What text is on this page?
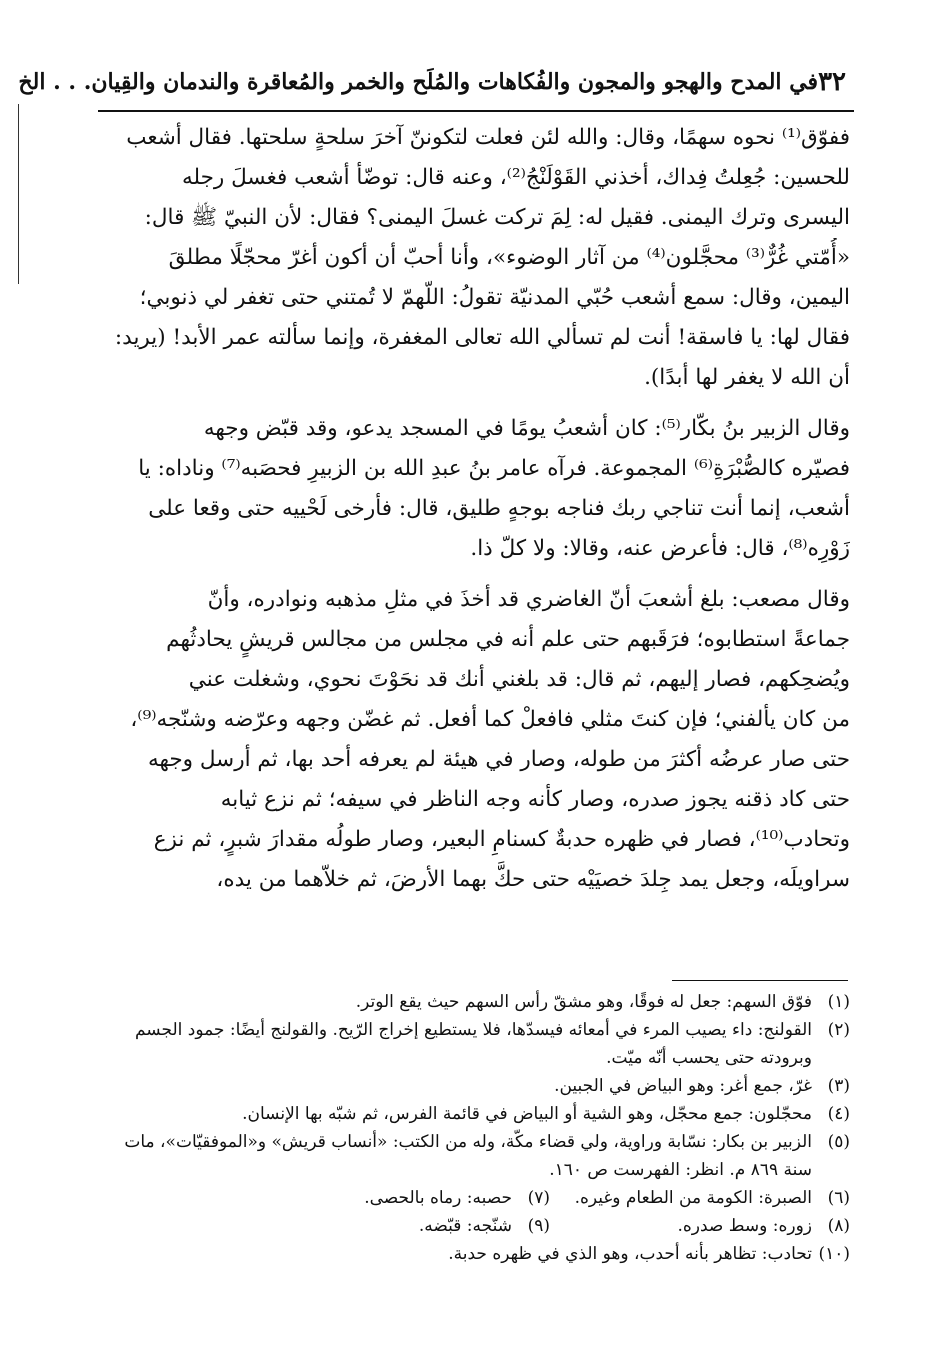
٣٢
في المدح والهجو والمجون والفُكاهات والمُلَح والخمر والمُعاقرة والندمان والقِيان. . . الخ

ففوّق⁽¹⁾ نحوه سهمًا، وقال: والله لئن فعلت لتكوننّ آخرَ سلحةٍ سلحتها. فقال أشعب
للحسين: جُعِلتُ فِداك، أخذني القَوْلَنْجُ⁽²⁾، وعنه قال: توضّأ أشعب فغسلَ رجله
اليسرى وترك اليمنى. فقيل له: لِمَ تركت غسلَ اليمنى؟ فقال: لأن النبيّ ﷺ قال:
«أُمّتي غُرٌّ⁽³⁾ محجَّلون⁽⁴⁾ من آثار الوضوء»، وأنا أحبّ أن أكون أغرّ محجّلًا مطلقَ
اليمين، وقال: سمع أشعب حُبّي المدنيّة تقولُ: اللّهمّ لا تُمتني حتى تغفر لي ذنوبي؛
فقال لها: يا فاسقة! أنت لم تسألي الله تعالى المغفرة، وإنما سألته عمر الأبد! (يريد:
أن الله لا يغفر لها أبدًا).

وقال الزبير بنُ بكّار⁽⁵⁾: كان أشعبُ يومًا في المسجد يدعو، وقد قبّض وجهه
فصيّره كالصُّبْرَةِ⁽⁶⁾ المجموعة. فرآه عامر بنُ عبدِ الله بن الزبيرِ فحصَبه⁽⁷⁾ وناداه: يا
أشعب، إنما أنت تناجي ربك فناجه بوجهٍ طليق، قال: فأرخى لَحْييه حتى وقعا على
زَوْرِه⁽⁸⁾، قال: فأعرض عنه، وقالا: ولا كلّ ذا.

وقال مصعب: بلغ أشعبَ أنّ الغاضري قد أخذَ في مثلِ مذهبه ونوادره، وأنّ
جماعةً استطابوه؛ فرَقَبهم حتى علم أنه في مجلس من مجالس قريشٍ يحادثُهم
ويُضحِكهم، فصار إليهم، ثم قال: قد بلغني أنك قد نحَوْتَ نحوي، وشغلت عني
من كان يألفني؛ فإن كنتَ مثلي فافعلْ كما أفعل. ثم غضّن وجهه وعرّضه وشنّجه⁽⁹⁾،
حتى صار عرضُه أكثرَ من طوله، وصار في هيئة لم يعرفه أحد بها، ثم أرسل وجهه
حتى كاد ذقنه يجوز صدره، وصار كأنه وجه الناظر في سيفه؛ ثم نزع ثيابه
وتحادب⁽¹⁰⁾، فصار في ظهره حدبةٌ كسنامِ البعير، وصار طولُه مقدارَ شبرٍ، ثم نزع
سراويلَه، وجعل يمد جِلدَ خصيَيْه حتى حكَّ بهما الأرضَ، ثم خلاّهما من يده،

(١)
فوّق السهم: جعل له فوقًا، وهو مشقّ رأس السهم حيث يقع الوتر.
(٢)
القولنج: داء يصيب المرء في أمعائه فيسدّها، فلا يستطيع إخراج الرّيح. والقولنج أيضًا: جمود الجسم وبرودته حتى يحسب أنّه ميّت.
(٣)
غرّ، جمع أغر: وهو البياض في الجبين.
(٤)
محجّلون: جمع محجّل، وهو الشية أو البياض في قائمة الفرس، ثم شبّه بها الإنسان.
(٥)
الزبير بن بكار: نسّابة وراوية، ولي قضاء مكّة، وله من الكتب: «أنساب قريش» و«الموفقيّات»، مات سنة ٨٦٩ م. انظر: الفهرست ص ١٦٠.
(٦)
الصبرة: الكومة من الطعام وغيره.
(٧)
حصبه: رماه بالحصى.
(٨)
زوره: وسط صدره.
(٩)
شنّجه: قبّضه.
(١٠)
تحادب: تظاهر بأنه أحدب، وهو الذي في ظهره حدبة.
